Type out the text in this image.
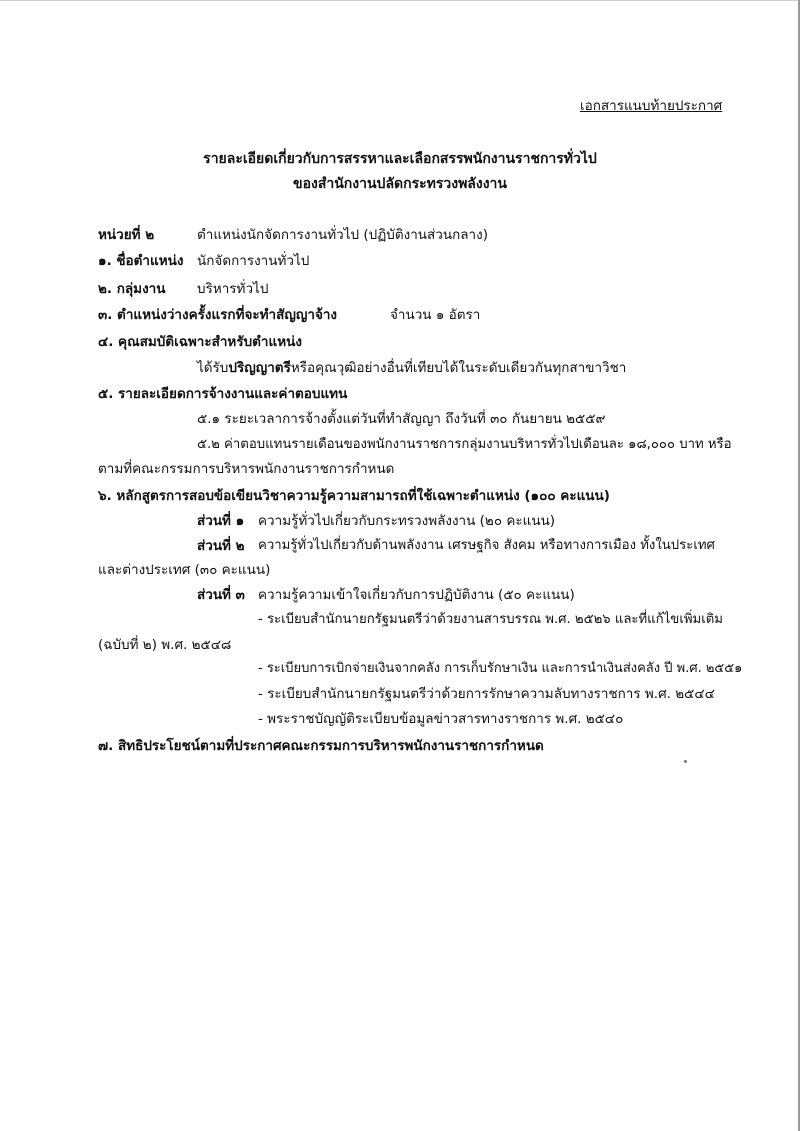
เอกสารแนบท้ายประกาศ
รายละเอียดเกี่ยวกับการสรรหาและเลือกสรรพนักงานราชการทั่วไป
ของสำนักงานปลัดกระทรวงพลังงาน
หน่วยที่ ๒	ตำแหน่งนักจัดการงานทั่วไป (ปฏิบัติงานส่วนกลาง)
๑. ชื่อตำแหน่ง นักจัดการงานทั่วไป
๒. กลุ่มงาน บริหารทั่วไป
๓. ตำแหน่งว่างครั้งแรกที่จะทำสัญญาจ้าง	จำนวน ๑ อัตรา
๔. คุณสมบัติเฉพาะสำหรับตำแหน่ง
ได้รับปริญญาตรีหรือคุณวุฒิอย่างอื่นที่เทียบได้ในระดับเดียวกันทุกสาขาวิชา
๕. รายละเอียดการจ้างงานและค่าตอบแทน
๕.๑ ระยะเวลาการจ้างตั้งแต่วันที่ทำสัญญา ถึงวันที่ ๓๐ กันยายน ๒๕๕๙
๕.๒ ค่าตอบแทนรายเดือนของพนักงานราชการกลุ่มงานบริหารทั่วไปเดือนละ ๑๘,๐๐๐ บาท หรือ
ตามที่คณะกรรมการบริหารพนักงานราชการกำหนด
๖. หลักสูตรการสอบข้อเขียนวิชาความรู้ความสามารถที่ใช้เฉพาะตำแหน่ง (๑๐๐ คะแนน)
ส่วนที่ ๑ ความรู้ทั่วไปเกี่ยวกับกระทรวงพลังงาน (๒๐ คะแนน)
ส่วนที่ ๒ ความรู้ทั่วไปเกี่ยวกับด้านพลังงาน เศรษฐกิจ สังคม หรือทางการเมือง ทั้งในประเทศ
และต่างประเทศ (๓๐ คะแนน)
ส่วนที่ ๓ ความรู้ความเข้าใจเกี่ยวกับการปฏิบัติงาน (๕๐ คะแนน)
- ระเบียบสำนักนายกรัฐมนตรีว่าด้วยงานสารบรรณ พ.ศ. ๒๕๒๖ และที่แก้ไขเพิ่มเติม
(ฉบับที่ ๒) พ.ศ. ๒๕๔๘
- ระเบียบการเบิกจ่ายเงินจากคลัง การเก็บรักษาเงิน และการนำเงินส่งคลัง ปี พ.ศ. ๒๕๕๑
- ระเบียบสำนักนายกรัฐมนตรีว่าด้วยการรักษาความลับทางราชการ พ.ศ. ๒๕๔๔
- พระราชบัญญัติระเบียบข้อมูลข่าวสารทางราชการ พ.ศ. ๒๕๔๐
๗. สิทธิประโยชน์ตามที่ประกาศคณะกรรมการบริหารพนักงานราชการกำหนด
